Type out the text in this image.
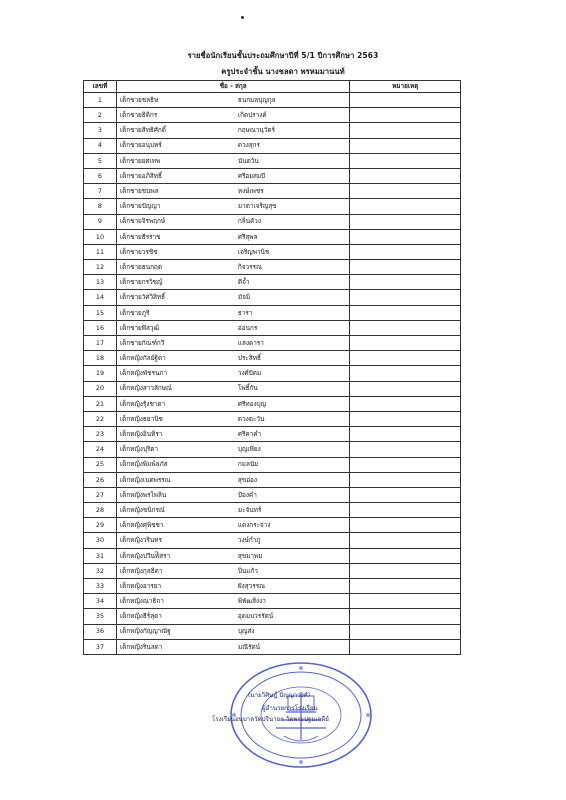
รายชื่อนักเรียนชั้นประถมศึกษาปีที่ 5/1 ปีการศึกษา 2563
ครูประจำชั้น นางชลดา พรหมมานนท์
เลขที่	ชื่อ - สกุล	หมายเหตุ
1	เด็กชายชลธิษ ธนกมลบุญกุล	
2	เด็กชายธิติกร เกิดปรางค์	
3	เด็กชายสิทธิศักดิ์ กฤษณานุวัตร์	
4	เด็กชายอนุบทร์ ดวงสุกร	
5	เด็กชายยศเทพ นันตวัน	
6	เด็กชายอภิสิทธิ์ ศรีอยสมบี	
7	เด็กชายชนพล หงษ์เพชร	
8	เด็กชายปัญญา มาตาเจริญสุข	
9	เด็กชายจิรพฤกษ์ กลิ่นด้วง	
10	เด็กชายธีรราช ศรีสุพล	
11	เด็กชายวรชิช เจริญพานิช	
12	เด็กชายธนกฤต กิจวรรณ	
13	เด็กชายกรวิชญ์ ดีจ้ำ	
14	เด็กชายวัศวิสิทธิ์ มัจมิ	
15	เด็กชายภูริ ธารา	
16	เด็กชายพีสวุฒิ อ่อนกร	
17	เด็กชายกัณฑ์กวี แสงดารา	
18	เด็กหญิงกัลย์ฐิดา ประสิทธิ์	
19	เด็กหญิงพัชรนภา วงศ์ปัดม	
20	เด็กหญิงสาวลักษณ์ โพธิ์กัน	
21	เด็กหญิงรุ้งชาดา ศรีทองบุญ	
22	เด็กหญิงธยานิช ดวงตะวัน	
23	เด็กหญิงอินทิรา ศรีคาคำ	
24	เด็กหญิงปุริตา บุญเพียง	
25	เด็กหญิงพิมพ์ลภัส กมลนัย	
26	เด็กหญิงเนตพรรณ สุขอ่อง	
27	เด็กหญิงพรไพลิน ป้องคำ	
28	เด็กหญิงชนิกรณ์ มะจันทร์	
29	เด็กหญิงศุพิชชา แดงกระจ่าง	
30	เด็กหญิงวรินทร วงษ์กำภู	
31	เด็กหญิงปวีนท์ิสรา สุขมาพม	
32	เด็กหญิงกุลธิดา ปิ่นแก้ว	
33	เด็กหญิงอารยา ฝังสุวรรณ	
34	เด็กหญิงณาธิกา พิพัฒสิ่งงา	
35	เด็กหญิงธีร์สุดา อุดมบวรรัตน์	
36	เด็กหญิงกัญญาณัฐ บุญส่ง	
37	เด็กหญิงรินลดา มณีรัตน์	
(นายวิศิษฎ์ ปัญญาวงศ์)
ผู้อำนวยการโรงเรียน
โรงเรียนอนุบาลวัดปรินายก วัดพระปฐมเจดีย์
